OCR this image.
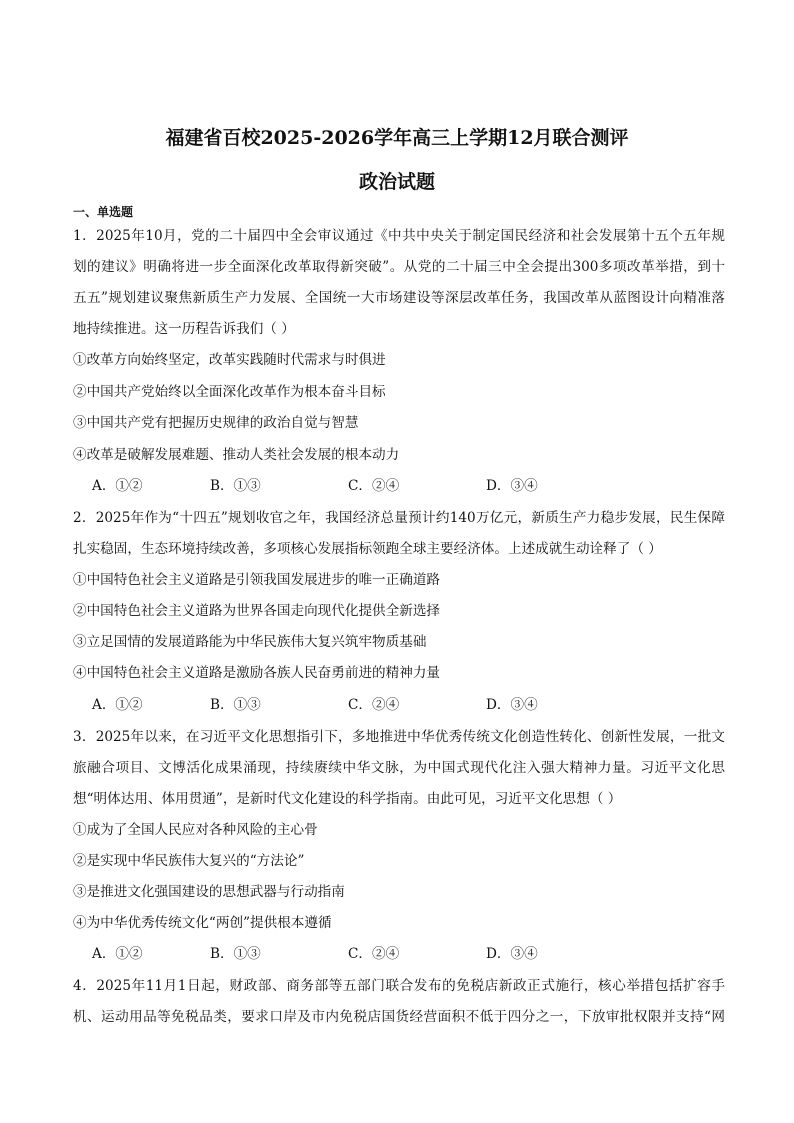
福建省百校2025-2026学年高三上学期12月联合测评
政治试题
一、单选题
1．2025年10月，党的二十届四中全会审议通过《中共中央关于制定国民经济和社会发展第十五个五年规
划的建议》明确将进一步全面深化改革取得新突破”。从党的二十届三中全会提出300多项改革举措，到十
五五”规划建议聚焦新质生产力发展、全国统一大市场建设等深层改革任务，我国改革从蓝图设计向精准落
地持续推进。这一历程告诉我们（ ）
①改革方向始终坚定，改革实践随时代需求与时俱进
②中国共产党始终以全面深化改革作为根本奋斗目标
③中国共产党有把握历史规律的政治自觉与智慧
④改革是破解发展难题、推动人类社会发展的根本动力
A．①②	B．①③	C．②④	D．③④
2．2025年作为“十四五”规划收官之年，我国经济总量预计约140万亿元，新质生产力稳步发展，民生保障
扎实稳固，生态环境持续改善，多项核心发展指标领跑全球主要经济体。上述成就生动诠释了（ ）
①中国特色社会主义道路是引领我国发展进步的唯一正确道路
②中国特色社会主义道路为世界各国走向现代化提供全新选择
③立足国情的发展道路能为中华民族伟大复兴筑牢物质基础
④中国特色社会主义道路是激励各族人民奋勇前进的精神力量
A．①②	B．①③	C．②④	D．③④
3．2025年以来，在习近平文化思想指引下，多地推进中华优秀传统文化创造性转化、创新性发展，一批文
旅融合项目、文博活化成果涌现，持续赓续中华文脉，为中国式现代化注入强大精神力量。习近平文化思
想“明体达用、体用贯通”，是新时代文化建设的科学指南。由此可见，习近平文化思想（ ）
①成为了全国人民应对各种风险的主心骨
②是实现中华民族伟大复兴的“方法论”
③是推进文化强国建设的思想武器与行动指南
④为中华优秀传统文化“两创”提供根本遵循
A．①②	B．①③	C．②④	D．③④
4．2025年11月1日起，财政部、商务部等五部门联合发布的免税店新政正式施行，核心举措包括扩容手
机、运动用品等免税品类，要求口岸及市内免税店国货经营面积不低于四分之一，下放审批权限并支持“网
